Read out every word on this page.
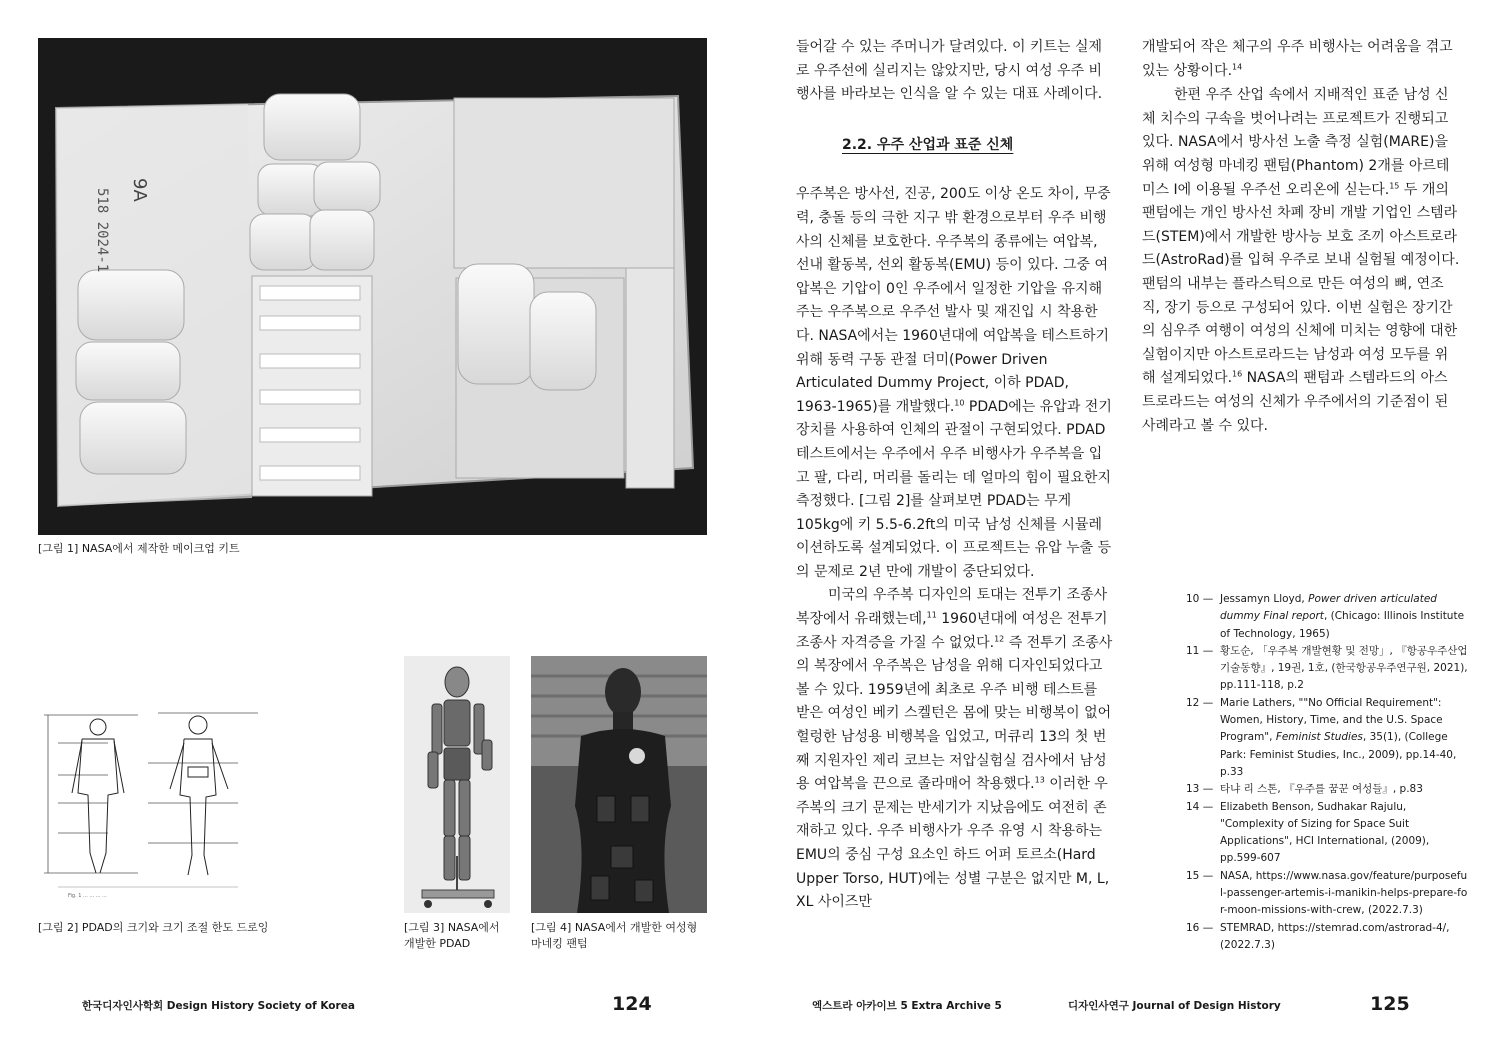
518 2024-1 9A
[그림 1] NASA에서 제작한 메이크업 키트
Fig. 1 ... ... ... ...
[그림 2] PDAD의 크기와 크기 조절 한도 드로잉	[그림 3] NASA에서
개발한 PDAD
[그림 4] NASA에서 개발한 여성형
마네킹 팬텀

들어갈 수 있는 주머니가 달려있다. 이 키트는 실제로 우주선에 실리지는 않았지만, 당시 여성 우주 비행사를 바라보는 인식을 알 수 있는 대표 사례이다.

2.2. 우주 산업과 표준 신체

우주복은 방사선, 진공, 200도 이상 온도 차이, 무중력, 충돌 등의 극한 지구 밖 환경으로부터 우주 비행사의 신체를 보호한다. 우주복의 종류에는 여압복, 선내 활동복, 선외 활동복(EMU) 등이 있다. 그중 여압복은 기압이 0인 우주에서 일정한 기압을 유지해주는 우주복으로 우주선 발사 및 재진입 시 착용한다. NASA에서는 1960년대에 여압복을 테스트하기 위해 동력 구동 관절 더미(Power Driven Articulated Dummy Project, 이하 PDAD, 1963-1965)를 개발했다.$^{10}$ PDAD에는 유압과 전기 장치를 사용하여 인체의 관절이 구현되었다. PDAD 테스트에서는 우주에서 우주 비행사가 우주복을 입고 팔, 다리, 머리를 돌리는 데 얼마의 힘이 필요한지 측정했다. [그림 2]를 살펴보면 PDAD는 무게 105kg에 키 5.5-6.2ft의 미국 남성 신체를 시뮬레이션하도록 설계되었다. 이 프로젝트는 유압 누출 등의 문제로 2년 만에 개발이 중단되었다.

미국의 우주복 디자인의 토대는 전투기 조종사 복장에서 유래했는데,$^{11}$ 1960년대에 여성은 전투기 조종사 자격증을 가질 수 없었다.$^{12}$ 즉 전투기 조종사의 복장에서 우주복은 남성을 위해 디자인되었다고 볼 수 있다. 1959년에 최초로 우주 비행 테스트를 받은 여성인 베키 스켈턴은 몸에 맞는 비행복이 없어 헐렁한 남성용 비행복을 입었고, 머큐리 13의 첫 번째 지원자인 제리 코브는 저압실험실 검사에서 남성용 여압복을 끈으로 졸라매어 착용했다.$^{13}$ 이러한 우주복의 크기 문제는 반세기가 지났음에도 여전히 존재하고 있다. 우주 비행사가 우주 유영 시 착용하는 EMU의 중심 구성 요소인 하드 어퍼 토르소(Hard Upper Torso, HUT)에는 성별 구분은 없지만 M, L, XL 사이즈만

개발되어 작은 체구의 우주 비행사는 어려움을 겪고 있는 상황이다.$^{14}$

한편 우주 산업 속에서 지배적인 표준 남성 신체 치수의 구속을 벗어나려는 프로젝트가 진행되고 있다. NASA에서 방사선 노출 측정 실험(MARE)을 위해 여성형 마네킹 팬텀(Phantom) 2개를 아르테미스 I에 이용될 우주선 오리온에 싣는다.$^{15}$ 두 개의 팬텀에는 개인 방사선 차폐 장비 개발 기업인 스템라드(STEM)에서 개발한 방사능 보호 조끼 아스트로라드(AstroRad)를 입혀 우주로 보내 실험될 예정이다. 팬텀의 내부는 플라스틱으로 만든 여성의 뼈, 연조직, 장기 등으로 구성되어 있다. 이번 실험은 장기간의 심우주 여행이 여성의 신체에 미치는 영향에 대한 실험이지만 아스트로라드는 남성과 여성 모두를 위해 설계되었다.$^{16}$ NASA의 팬텀과 스템라드의 아스트로라드는 여성의 신체가 우주에서의 기준점이 된 사례라고 볼 수 있다.

10 — Jessamyn Lloyd, Power driven articulated dummy Final report, (Chicago: Illinois Institute of Technology, 1965)
11 — 황도순, 「우주복 개발현황 및 전망」, 『항공우주산업기술동향』, 19권, 1호, (한국항공우주연구원, 2021), pp.111-118, p.2
12 — Marie Lathers, ""No Official Requirement": Women, History, Time, and the U.S. Space Program", Feminist Studies, 35(1), (College Park: Feminist Studies, Inc., 2009), pp.14-40, p.33
13 — 타냐 리 스톤, 『우주를 꿈꾼 여성들』, p.83
14 — Elizabeth Benson, Sudhakar Rajulu, "Complexity of Sizing for Space Suit Applications", HCI International, (2009), pp.599-607
15 — NASA, https://www.nasa.gov/feature/purposeful-passenger-artemis-i-manikin-helps-prepare-for-moon-missions-with-crew, (2022.7.3)
16 — STEMRAD, https://stemrad.com/astrorad-4/, (2022.7.3)
한국디자인사학회 Design History Society of Korea	124	엑스트라 아카이브 5 Extra Archive 5	디자인사연구 Journal of Design History	125
